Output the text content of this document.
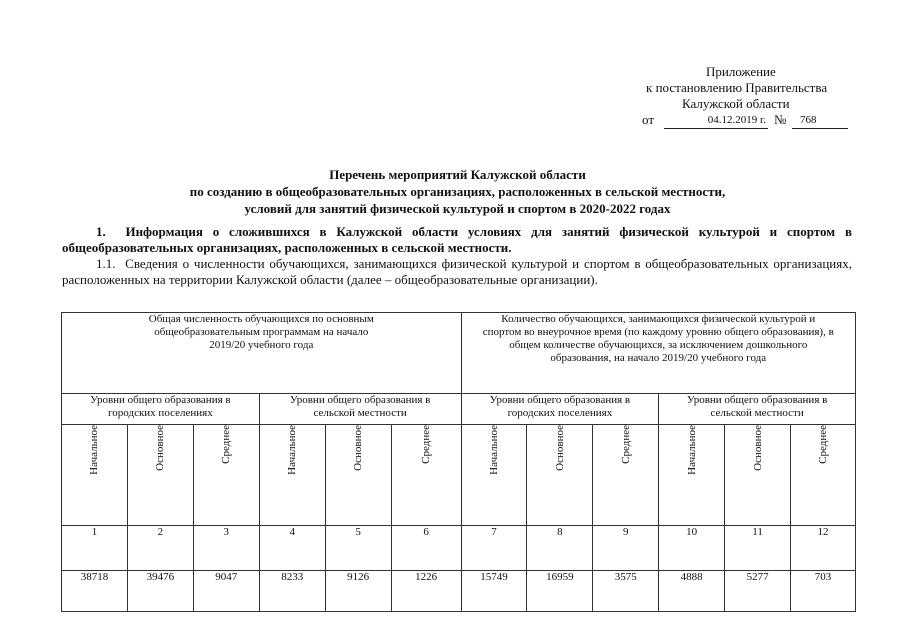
Приложение
к постановлению Правительства
Калужской области
от	04.12.2019 г. №	768
Перечень мероприятий Калужской области
по созданию в общеобразовательных организациях, расположенных в сельской местности,
условий для занятий физической культурой и спортом в 2020-2022 годах
1. Информация о сложившихся в Калужской области условиях для занятий физической культурой и спортом в общеобразовательных организациях, расположенных в сельской местности.
1.1. Сведения о численности обучающихся, занимающихся физической культурой и спортом в общеобразовательных организациях, расположенных на территории Калужской области (далее – общеобразовательные организации).
Общая численность обучающихся по основным общеобразовательным программам на начало 2019/20 учебного года						Количество обучающихся, занимающихся физической культурой и спортом во внеурочное время (по каждому уровню общего образования), в общем количестве обучающихся, за исключением дошкольного образования, на начало 2019/20 учебного года					

Уровни общего образования в городских поселениях			Уровни общего образования в сельской местности			Уровни общего образования в городских поселениях			Уровни общего образования в сельской местности		

Начальное	Основное	Среднее	Начальное	Основное	Среднее	Начальное	Основное	Среднее	Начальное	Основное	Среднее
1	2	3	4	5	6	7	8	9	10	11	12
38718	39476	9047	8233	9126	1226	15749	16959	3575	4888	5277	703
